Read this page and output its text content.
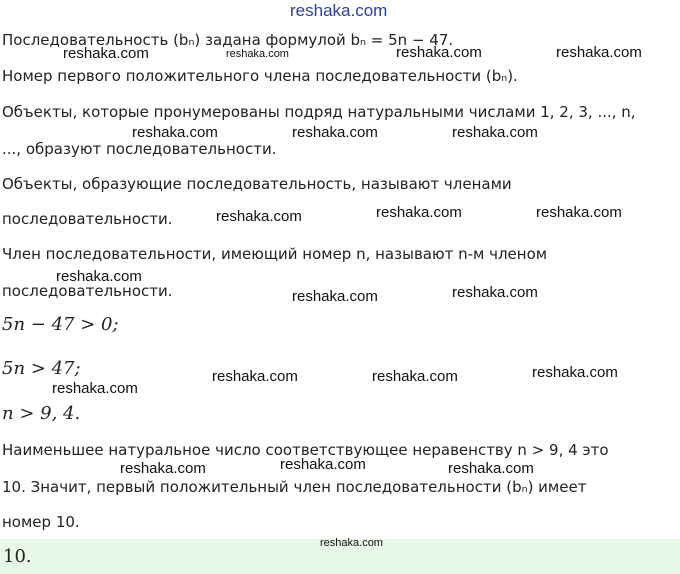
reshaka.com
Последовательность (bₙ) задана формулой bₙ = 5n − 47.
Номер первого положительного члена последовательности (bₙ).
Объекты, которые пронумерованы подряд натуральными числами 1, 2, 3, ..., n,
..., образуют последовательности.
Объекты, образующие последовательность, называют членами
последовательности.
Член последовательности, имеющий номер n, называют n-м членом
последовательности.
5n − 47 > 0;
5n > 47;
n > 9, 4.
Наименьшее натуральное число соответствующее неравенству n > 9, 4 это
10. Значит, первый положительный член последовательности (bₙ) имеет
номер 10.
10.
reshaka.com	reshaka.com	reshaka.com	reshaka.com
reshaka.com	reshaka.com	reshaka.com
reshaka.com	reshaka.com	reshaka.com
reshaka.com
reshaka.com	reshaka.com
reshaka.com
reshaka.com	reshaka.com	reshaka.com
reshaka.com	reshaka.com	reshaka.com
reshaka.com
